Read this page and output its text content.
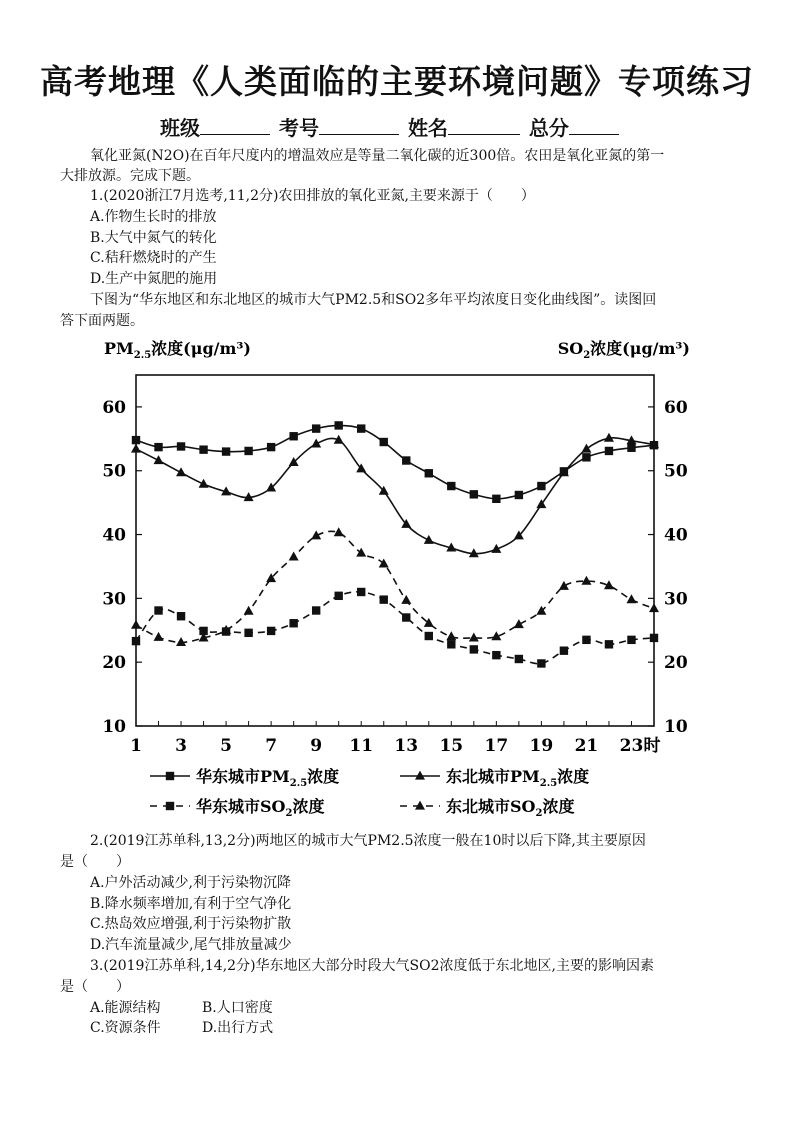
高考地理《人类面临的主要环境问题》专项练习
班级	考号	姓名	总分
氧化亚氮(N2O)在百年尺度内的增温效应是等量二氧化碳的近300倍。农田是氧化亚氮的第一
大排放源。完成下题。
1.(2020浙江7月选考,11,2分)农田排放的氧化亚氮,主要来源于（　　）
A.作物生长时的排放
B.大气中氮气的转化
C.秸秆燃烧时的产生
D.生产中氮肥的施用
下图为“华东地区和东北地区的城市大气PM2.5和SO2多年平均浓度日变化曲线图”。读图回
答下面两题。
10	10
20	20
30	30
40	40
50	50
60	60
1 3 5 7 9 11 13 15 17 19 21 23 时
华东城市$PM_{2.5}$浓度	东北城市$PM_{2.5}$浓度
华东城市$SO_2$浓度	东北城市$SO_2$浓度
$PM_{2.5}$浓度(μg/m³)	$SO_2$浓度(μg/m³)
2.(2019江苏单科,13,2分)两地区的城市大气PM2.5浓度一般在10时以后下降,其主要原因
是（　　）
A.户外活动减少,利于污染物沉降
B.降水频率增加,有利于空气净化
C.热岛效应增强,利于污染物扩散
D.汽车流量减少,尾气排放量减少
3.(2019江苏单科,14,2分)华东地区大部分时段大气SO2浓度低于东北地区,主要的影响因素
是（　　）
A.能源结构	B.人口密度
C.资源条件	D.出行方式
